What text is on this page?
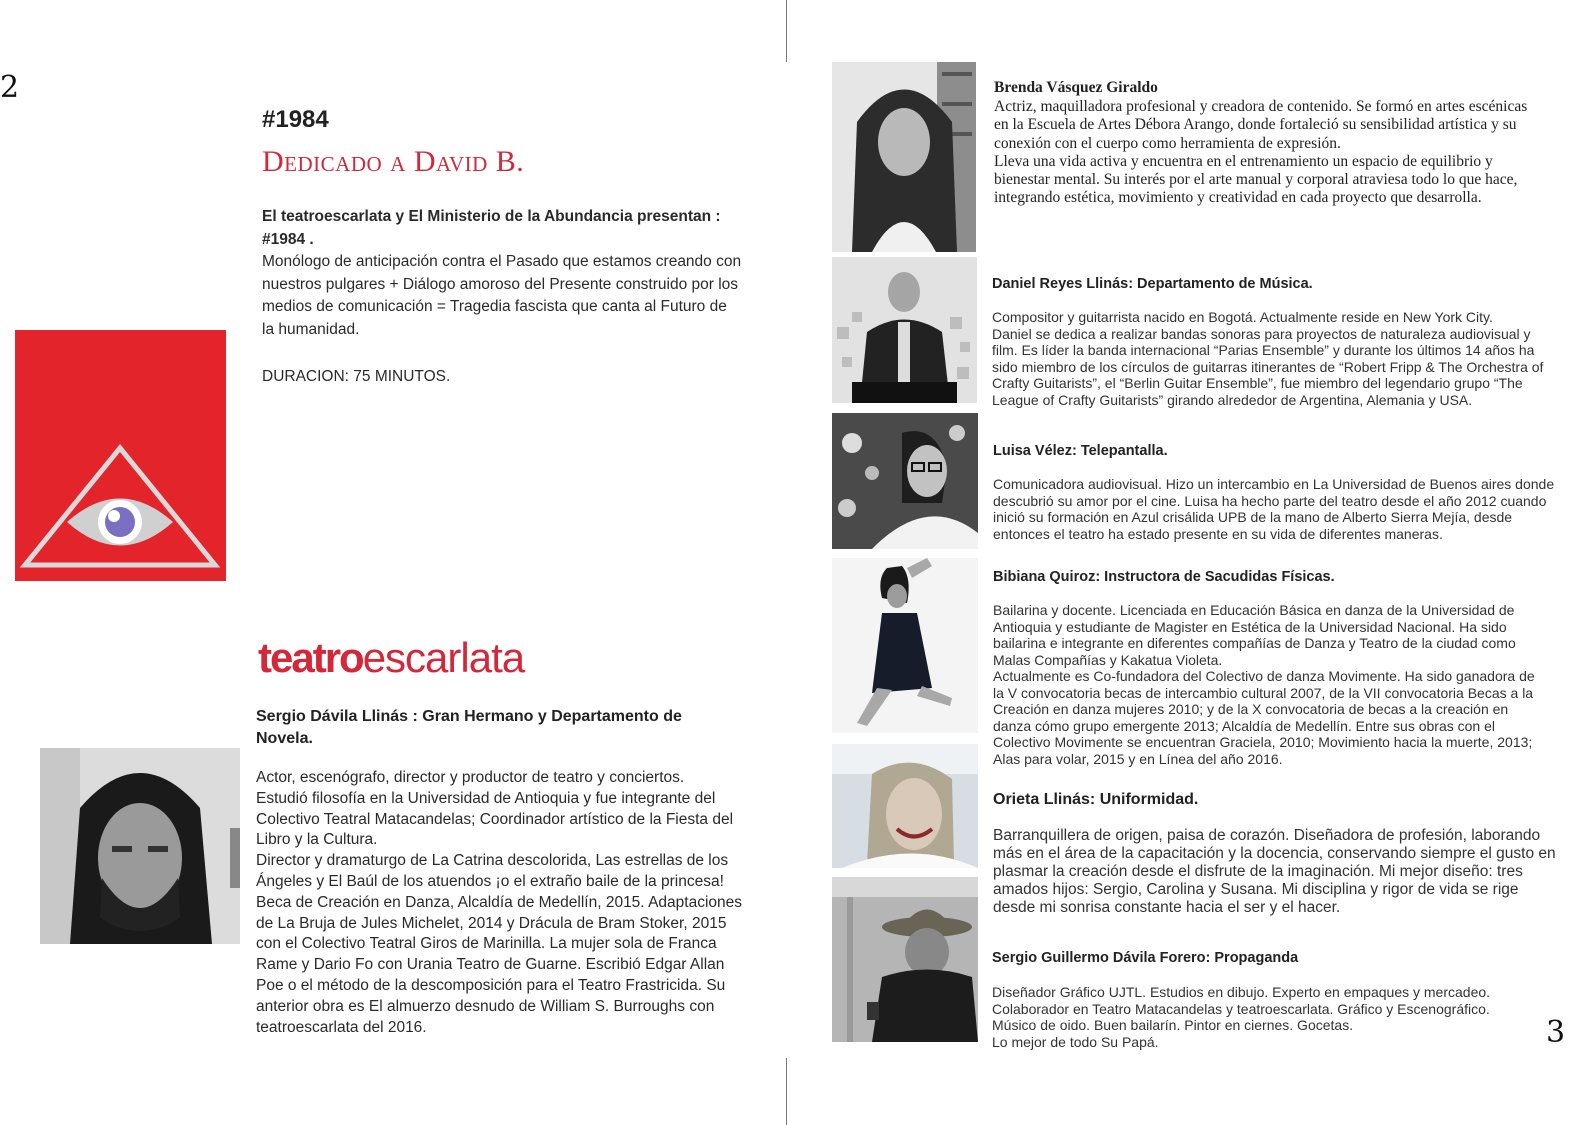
2
3
#1984
Dedicado a David B.
El teatroescarlata y El Ministerio de la Abundancia presentan :
#1984 .
Monólogo de anticipación contra el Pasado que estamos creando con nuestros pulgares + Diálogo amoroso del Presente construido por los medios de comunicación = Tragedia fascista que canta al Futuro de la humanidad.
DURACION: 75 MINUTOS.
teatroescarlata
Sergio Dávila Llinás : Gran Hermano y Departamento de Novela.
Actor, escenógrafo, director y productor de teatro y conciertos.
Estudió filosofía en la Universidad de Antioquia y fue integrante del Colectivo Teatral Matacandelas; Coordinador artístico de la Fiesta del Libro y la Cultura.
Director y dramaturgo de La Catrina descolorida, Las estrellas de los Ángeles y El Baúl de los atuendos ¡o el extraño baile de la princesa! Beca de Creación en Danza, Alcaldía de Medellín, 2015. Adaptaciones de La Bruja de Jules Michelet, 2014 y Drácula de Bram Stoker, 2015 con el Colectivo Teatral Giros de Marinilla. La mujer sola de Franca Rame y Dario Fo con Urania Teatro de Guarne. Escribió Edgar Allan Poe o el método de la descomposición para el Teatro Frastricida. Su anterior obra es El almuerzo desnudo de William S. Burroughs con teatroescarlata del 2016.
Brenda Vásquez Giraldo
Actriz, maquilladora profesional y creadora de contenido. Se formó en artes escénicas en la Escuela de Artes Débora Arango, donde fortaleció su sensibilidad artística y su conexión con el cuerpo como herramienta de expresión.
Lleva una vida activa y encuentra en el entrenamiento un espacio de equilibrio y bienestar mental. Su interés por el arte manual y corporal atraviesa todo lo que hace, integrando estética, movimiento y creatividad en cada proyecto que desarrolla.
Daniel Reyes Llinás: Departamento de Música.
Compositor y guitarrista nacido en Bogotá. Actualmente reside en New York City.
Daniel se dedica a realizar bandas sonoras para proyectos de naturaleza audiovisual y film. Es líder la banda internacional “Parias Ensemble” y durante los últimos 14 años ha sido miembro de los círculos de guitarras itinerantes de “Robert Fripp & The Orchestra of Crafty Guitarists”, el “Berlin Guitar Ensemble”, fue miembro del legendario grupo “The League of Crafty Guitarists” girando alrededor de Argentina, Alemania y USA.
Luisa Vélez: Telepantalla.
Comunicadora audiovisual. Hizo un intercambio en La Universidad de Buenos aires donde descubrió su amor por el cine. Luisa ha hecho parte del teatro desde el año 2012 cuando inició su formación en Azul crisálida UPB de la mano de Alberto Sierra Mejía, desde entonces el teatro ha estado presente en su vida de diferentes maneras.
Bibiana Quiroz: Instructora de Sacudidas Físicas.
Bailarina y docente. Licenciada en Educación Básica en danza de la Universidad de Antioquia y estudiante de Magister en Estética de la Universidad Nacional. Ha sido bailarina e integrante en diferentes compañías de Danza y Teatro de la ciudad como Malas Compañías y Kakatua Violeta.
Actualmente es Co-fundadora del Colectivo de danza Movimente. Ha sido ganadora de la V convocatoria becas de intercambio cultural 2007, de la VII convocatoria Becas a la Creación en danza mujeres 2010; y de la X convocatoria de becas a la creación en danza cómo grupo emergente 2013; Alcaldía de Medellín. Entre sus obras con el Colectivo Movimente se encuentran Graciela, 2010; Movimiento hacia la muerte, 2013; Alas para volar, 2015 y en Línea del año 2016.
Orieta Llinás: Uniformidad.
Barranquillera de origen, paisa de corazón. Diseñadora de profesión, laborando más en el área de la capacitación y la docencia, conservando siempre el gusto en plasmar la creación desde el disfrute de la imaginación. Mi mejor diseño: tres amados hijos: Sergio, Carolina y Susana. Mi disciplina y rigor de vida se rige desde mi sonrisa constante hacia el ser y el hacer.
Sergio Guillermo Dávila Forero: Propaganda
Diseñador Gráfico UJTL. Estudios en dibujo. Experto en empaques y mercadeo.
Colaborador en Teatro Matacandelas y teatroescarlata. Gráfico y Escenográfico.
Músico de oido. Buen bailarín. Pintor en ciernes. Gocetas.
Lo mejor de todo Su Papá.
